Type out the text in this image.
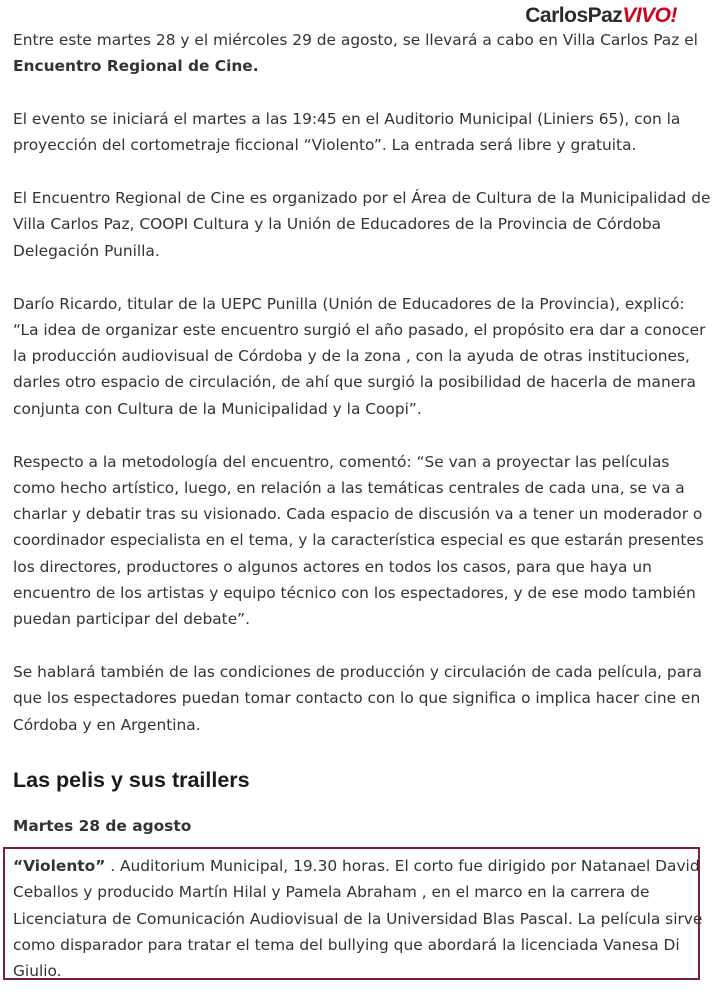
CarlosPazVIVO!

Entre este martes 28 y el miércoles 29 de agosto, se llevará a cabo en Villa Carlos Paz el Encuentro Regional de Cine.

El evento se iniciará el martes a las 19:45 en el Auditorio Municipal (Liniers 65), con la proyección del cortometraje ficcional “Violento”. La entrada será libre y gratuita.

El Encuentro Regional de Cine es organizado por el Área de Cultura de la Municipalidad de Villa Carlos Paz, COOPI Cultura y la Unión de Educadores de la Provincia de Córdoba Delegación Punilla.

Darío Ricardo, titular de la UEPC Punilla (Unión de Educadores de la Provincia), explicó: “La idea de organizar este encuentro surgió el año pasado, el propósito era dar a conocer la producción audiovisual de Córdoba y de la zona , con la ayuda de otras instituciones, darles otro espacio de circulación, de ahí que surgió la posibilidad de hacerla de manera conjunta con Cultura de la Municipalidad y la Coopi”.

Respecto a la metodología del encuentro, comentó: “Se van a proyectar las películas como hecho artístico, luego, en relación a las temáticas centrales de cada una, se va a charlar y debatir tras su visionado. Cada espacio de discusión va a tener un moderador o coordinador especialista en el tema, y la característica especial es que estarán presentes los directores, productores o algunos actores en todos los casos, para que haya un encuentro de los artistas y equipo técnico con los espectadores, y de ese modo también puedan participar del debate”.

Se hablará también de las condiciones de producción y circulación de cada película, para que los espectadores puedan tomar contacto con lo que significa o implica hacer cine en Córdoba y en Argentina.

Las pelis y sus traillers
Martes 28 de agosto
“Violento” . Auditorium Municipal, 19.30 horas. El corto fue dirigido por Natanael David Ceballos y producido Martín Hilal y Pamela Abraham , en el marco en la carrera de Licenciatura de Comunicación Audiovisual de la Universidad Blas Pascal. La película sirve como disparador para tratar el tema del bullying que abordará la licenciada Vanesa Di Giulio.
